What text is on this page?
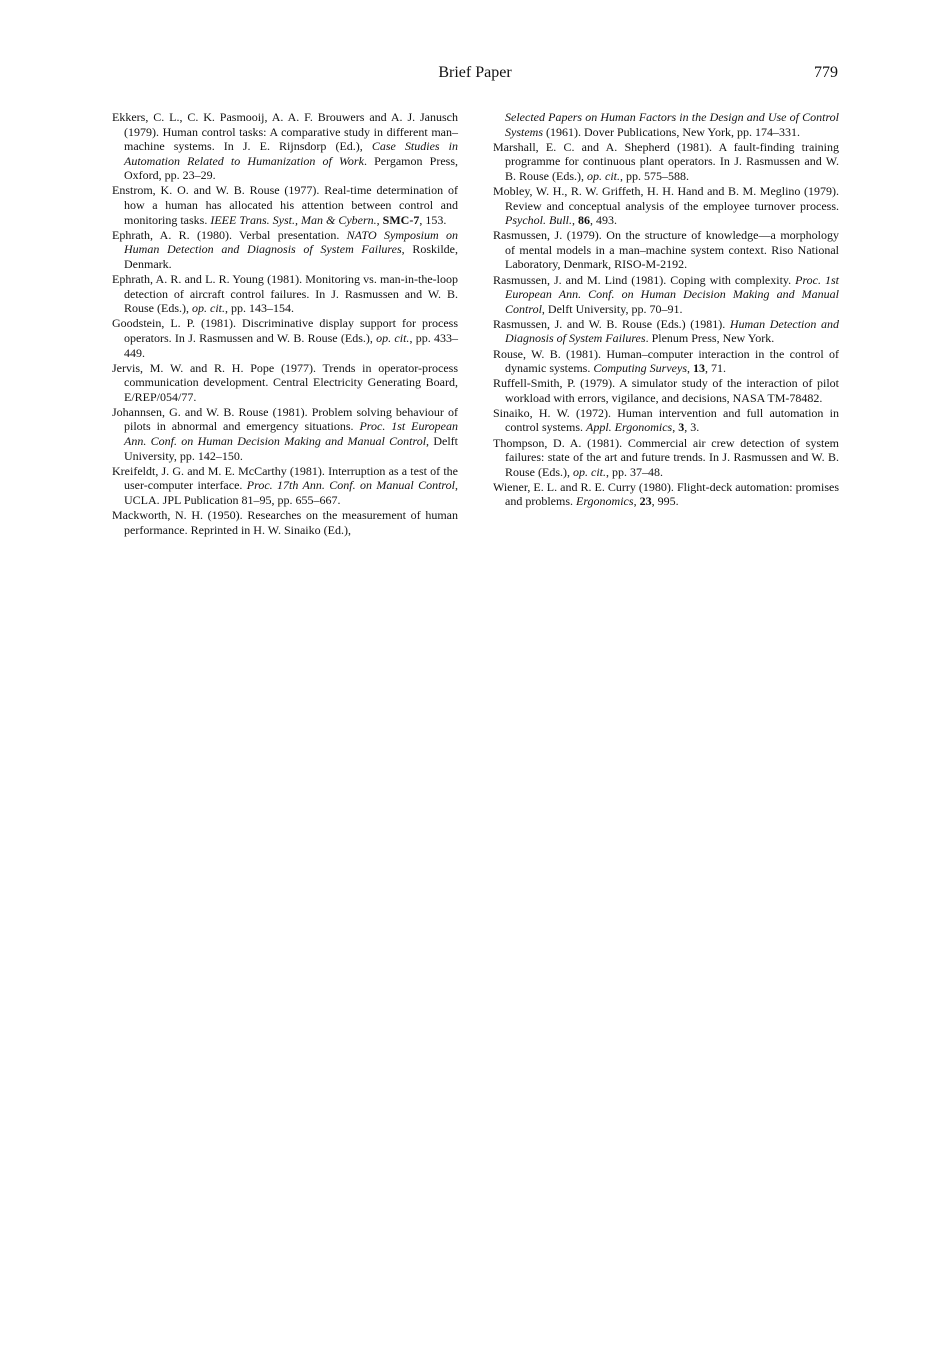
Brief Paper	779

Ekkers, C. L., C. K. Pasmooij, A. A. F. Brouwers and A. J. Janusch (1979). Human control tasks: A comparative study in different man–machine systems. In J. E. Rijnsdorp (Ed.), Case Studies in Automation Related to Humanization of Work. Pergamon Press, Oxford, pp. 23–29.

Enstrom, K. O. and W. B. Rouse (1977). Real-time determination of how a human has allocated his attention between control and monitoring tasks. IEEE Trans. Syst., Man & Cybern., SMC-7, 153.

Ephrath, A. R. (1980). Verbal presentation. NATO Symposium on Human Detection and Diagnosis of System Failures, Roskilde, Denmark.

Ephrath, A. R. and L. R. Young (1981). Monitoring vs. man-in-the-loop detection of aircraft control failures. In J. Rasmussen and W. B. Rouse (Eds.), op. cit., pp. 143–154.

Goodstein, L. P. (1981). Discriminative display support for process operators. In J. Rasmussen and W. B. Rouse (Eds.), op. cit., pp. 433–449.

Jervis, M. W. and R. H. Pope (1977). Trends in operator-process communication development. Central Electricity Generating Board, E/REP/054/77.

Johannsen, G. and W. B. Rouse (1981). Problem solving behaviour of pilots in abnormal and emergency situations. Proc. 1st European Ann. Conf. on Human Decision Making and Manual Control, Delft University, pp. 142–150.

Kreifeldt, J. G. and M. E. McCarthy (1981). Interruption as a test of the user-computer interface. Proc. 17th Ann. Conf. on Manual Control, UCLA. JPL Publication 81–95, pp. 655–667.

Mackworth, N. H. (1950). Researches on the measurement of human performance. Reprinted in H. W. Sinaiko (Ed.),

Selected Papers on Human Factors in the Design and Use of Control Systems (1961). Dover Publications, New York, pp. 174–331.

Marshall, E. C. and A. Shepherd (1981). A fault-finding training programme for continuous plant operators. In J. Rasmussen and W. B. Rouse (Eds.), op. cit., pp. 575–588.

Mobley, W. H., R. W. Griffeth, H. H. Hand and B. M. Meglino (1979). Review and conceptual analysis of the employee turnover process. Psychol. Bull., 86, 493.

Rasmussen, J. (1979). On the structure of knowledge—a morphology of mental models in a man–machine system context. Riso National Laboratory, Denmark, RISO-M-2192.

Rasmussen, J. and M. Lind (1981). Coping with complexity. Proc. 1st European Ann. Conf. on Human Decision Making and Manual Control, Delft University, pp. 70–91.

Rasmussen, J. and W. B. Rouse (Eds.) (1981). Human Detection and Diagnosis of System Failures. Plenum Press, New York.

Rouse, W. B. (1981). Human–computer interaction in the control of dynamic systems. Computing Surveys, 13, 71.

Ruffell-Smith, P. (1979). A simulator study of the interaction of pilot workload with errors, vigilance, and decisions, NASA TM-78482.

Sinaiko, H. W. (1972). Human intervention and full automation in control systems. Appl. Ergonomics, 3, 3.

Thompson, D. A. (1981). Commercial air crew detection of system failures: state of the art and future trends. In J. Rasmussen and W. B. Rouse (Eds.), op. cit., pp. 37–48.

Wiener, E. L. and R. E. Curry (1980). Flight-deck automation: promises and problems. Ergonomics, 23, 995.
